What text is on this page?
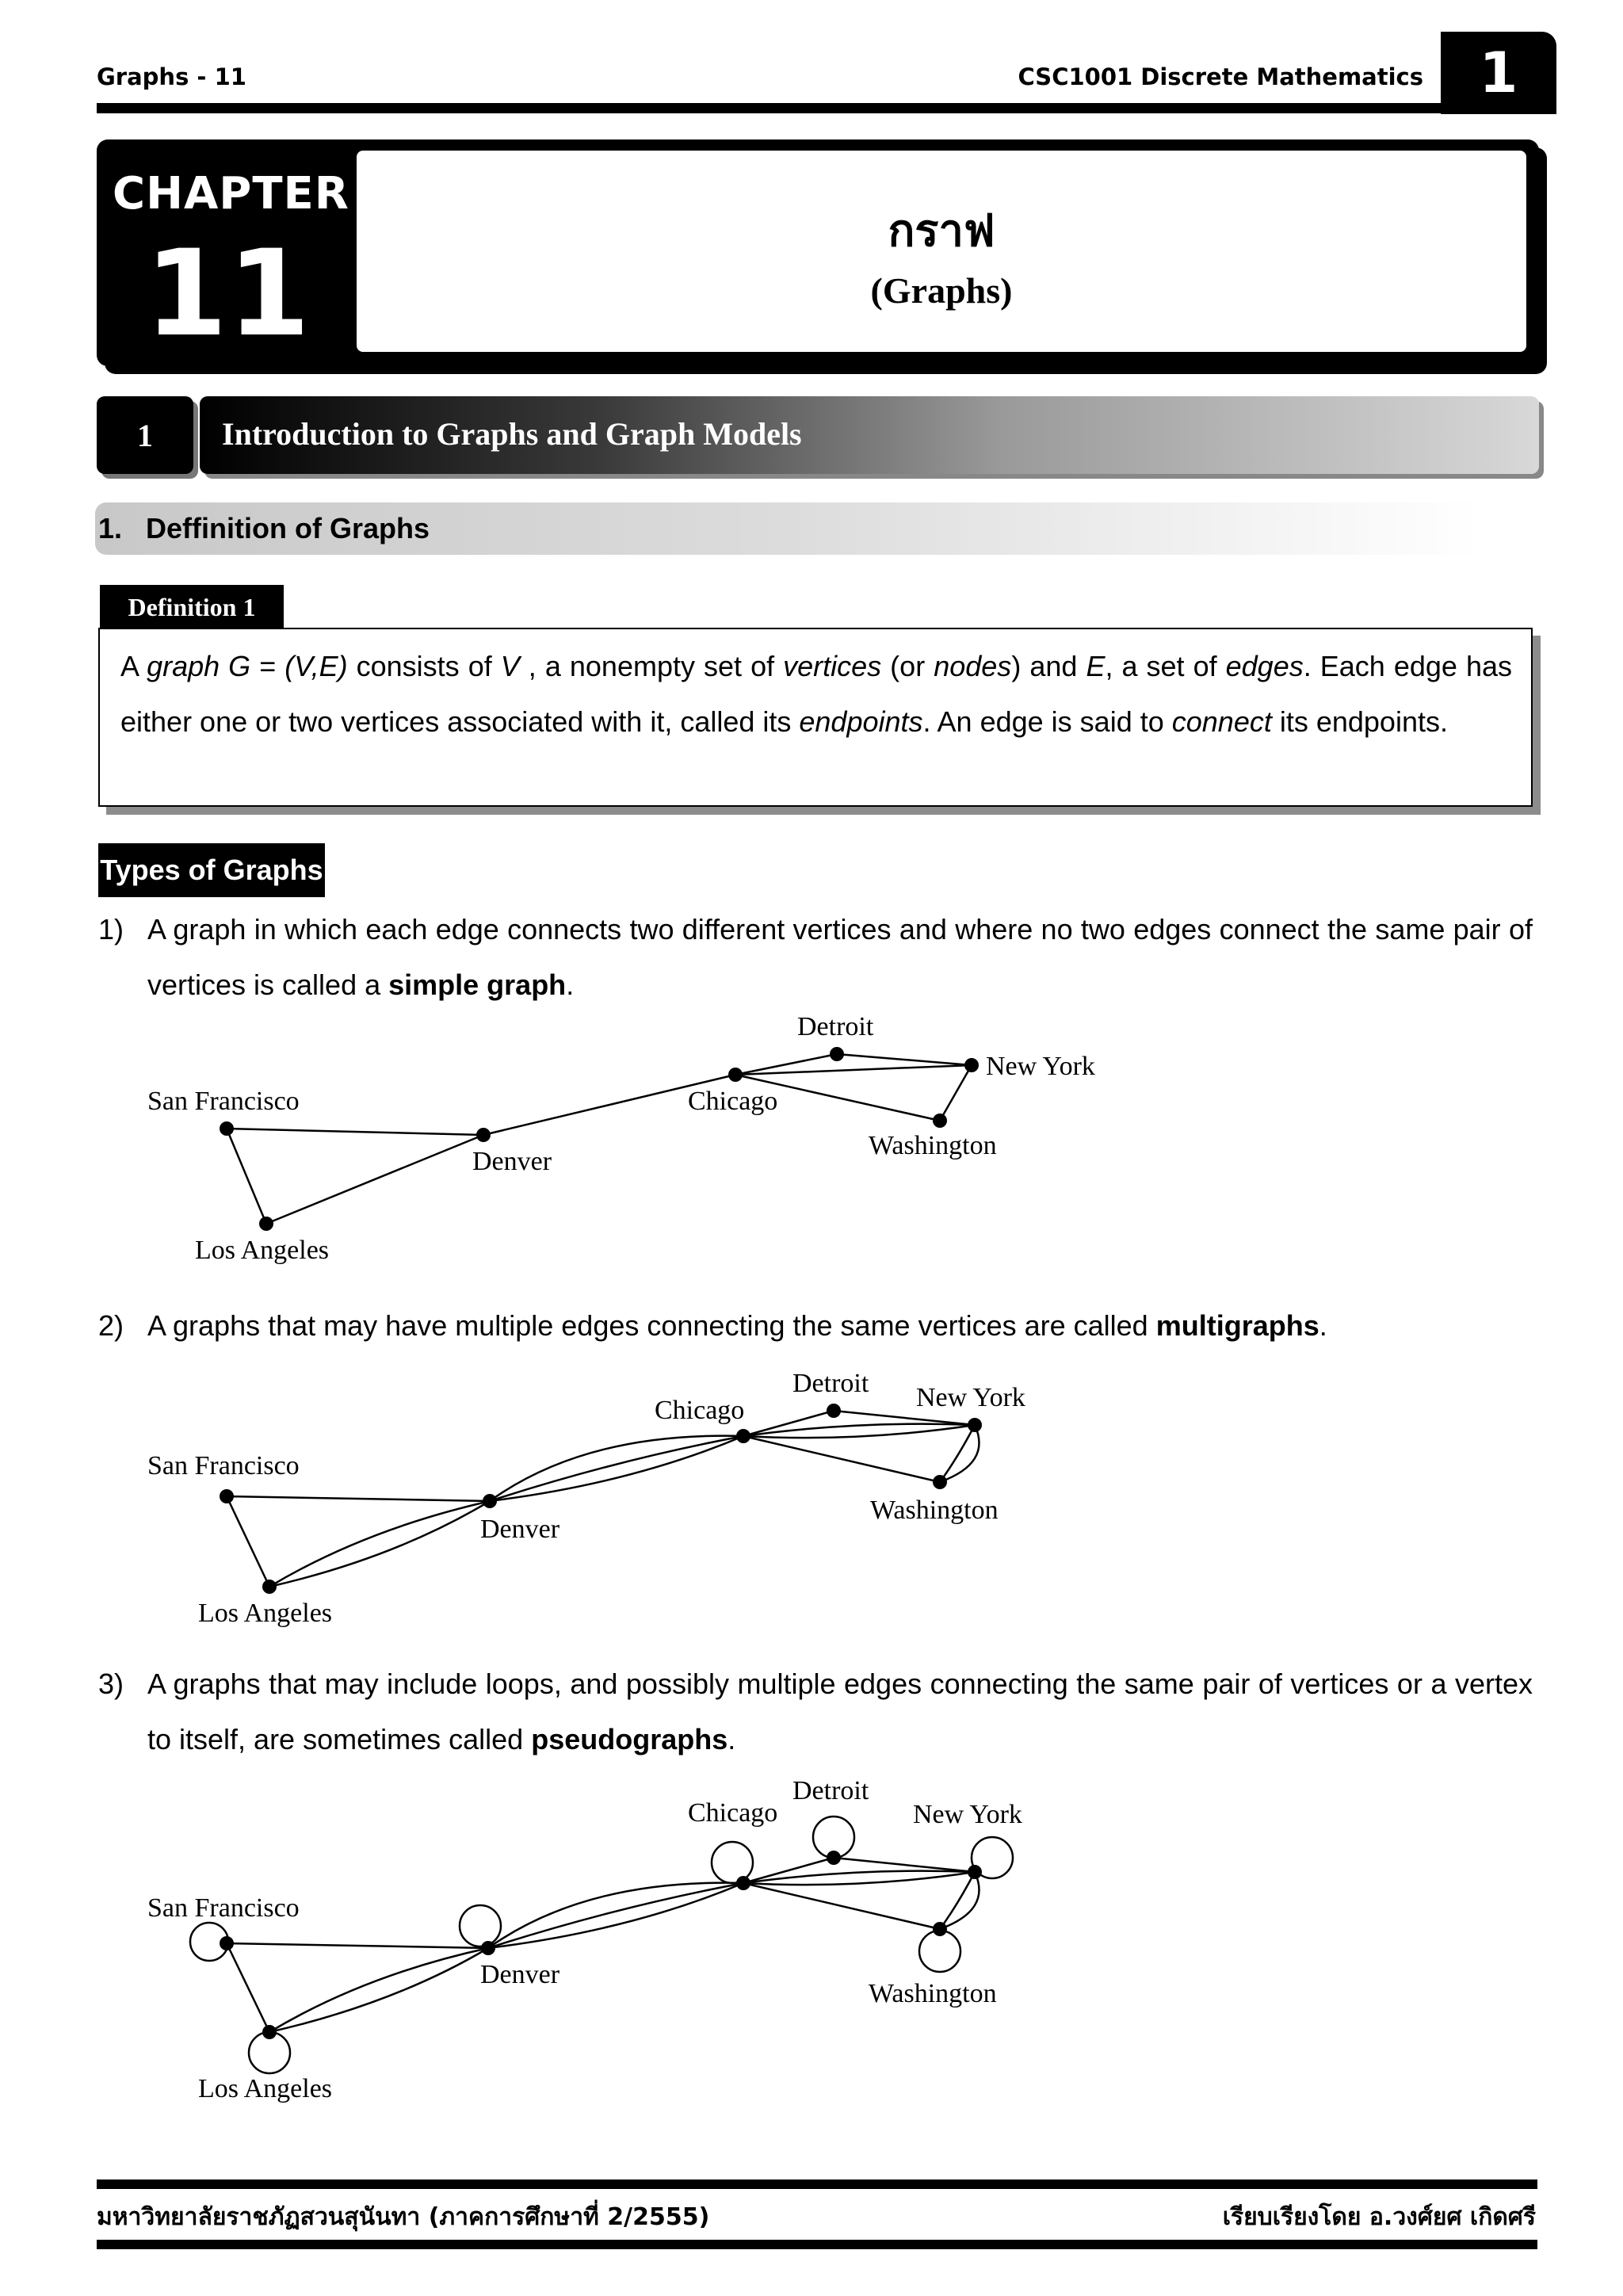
Graphs - 11	CSC1001 Discrete Mathematics	1
CHAPTER
11	กราฟ
(Graphs)
1	Introduction to Graphs and Graph Models
1.   Deffinition of Graphs
Definition 1

A graph G = (V,E) consists of V , a nonempty set of vertices (or nodes) and E, a set of edges. Each edge has either one or two vertices associated with it, called its endpoints. An edge is said to connect its endpoints.

Types of Graphs
1) A graph in which each edge connects two different vertices and where no two edges connect the same pair of vertices is called a simple graph.
San Francisco
Los Angeles
Denver
Chicago
Detroit
New York
Washington
2) A graphs that may have multiple edges connecting the same vertices are called multigraphs.
San Francisco
Los Angeles
Denver
Chicago
Detroit New York
Washington
3) A graphs that may include loops, and possibly multiple edges connecting the same pair of vertices or a vertex to itself, are sometimes called pseudographs.
San Francisco
Los Angeles
Denver
Chicago
Detroit
New York
Washington
มหาวิทยาลัยราชภัฏสวนสุนันทา (ภาคการศึกษาที่ 2/2555)	เรียบเรียงโดย อ.วงศ์ยศ เกิดศรี
